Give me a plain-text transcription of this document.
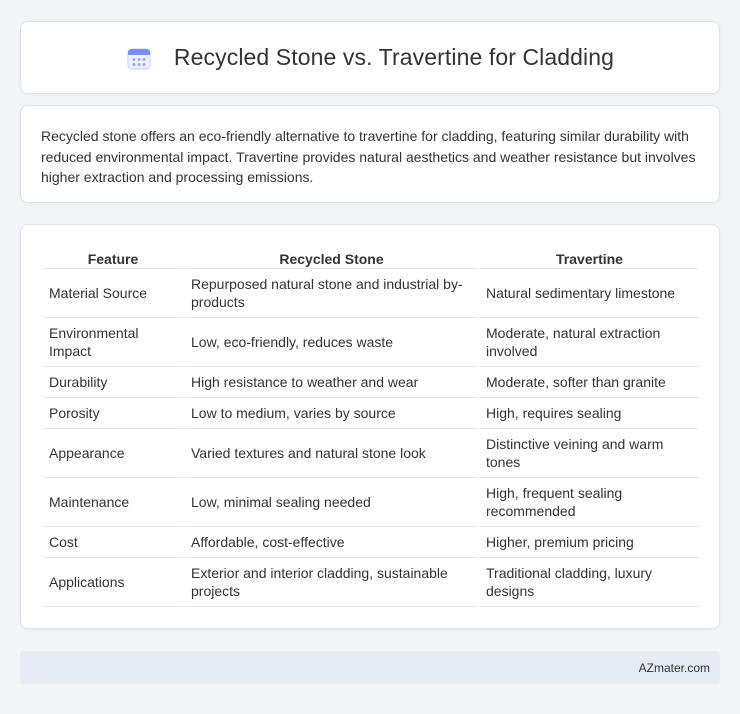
Recycled Stone vs. Travertine for Cladding

Recycled stone offers an eco-friendly alternative to travertine for cladding, featuring similar durability with reduced environmental impact. Travertine provides natural aesthetics and weather resistance but involves higher extraction and processing emissions.

Feature	Recycled Stone	Travertine
Material Source	Repurposed natural stone and industrial by-products	Natural sedimentary limestone
Environmental Impact	Low, eco-friendly, reduces waste	Moderate, natural extraction involved
Durability	High resistance to weather and wear	Moderate, softer than granite
Porosity	Low to medium, varies by source	High, requires sealing
Appearance	Varied textures and natural stone look	Distinctive veining and warm tones
Maintenance	Low, minimal sealing needed	High, frequent sealing recommended
Cost	Affordable, cost-effective	Higher, premium pricing
Applications	Exterior and interior cladding, sustainable projects	Traditional cladding, luxury designs
AZmater.com
